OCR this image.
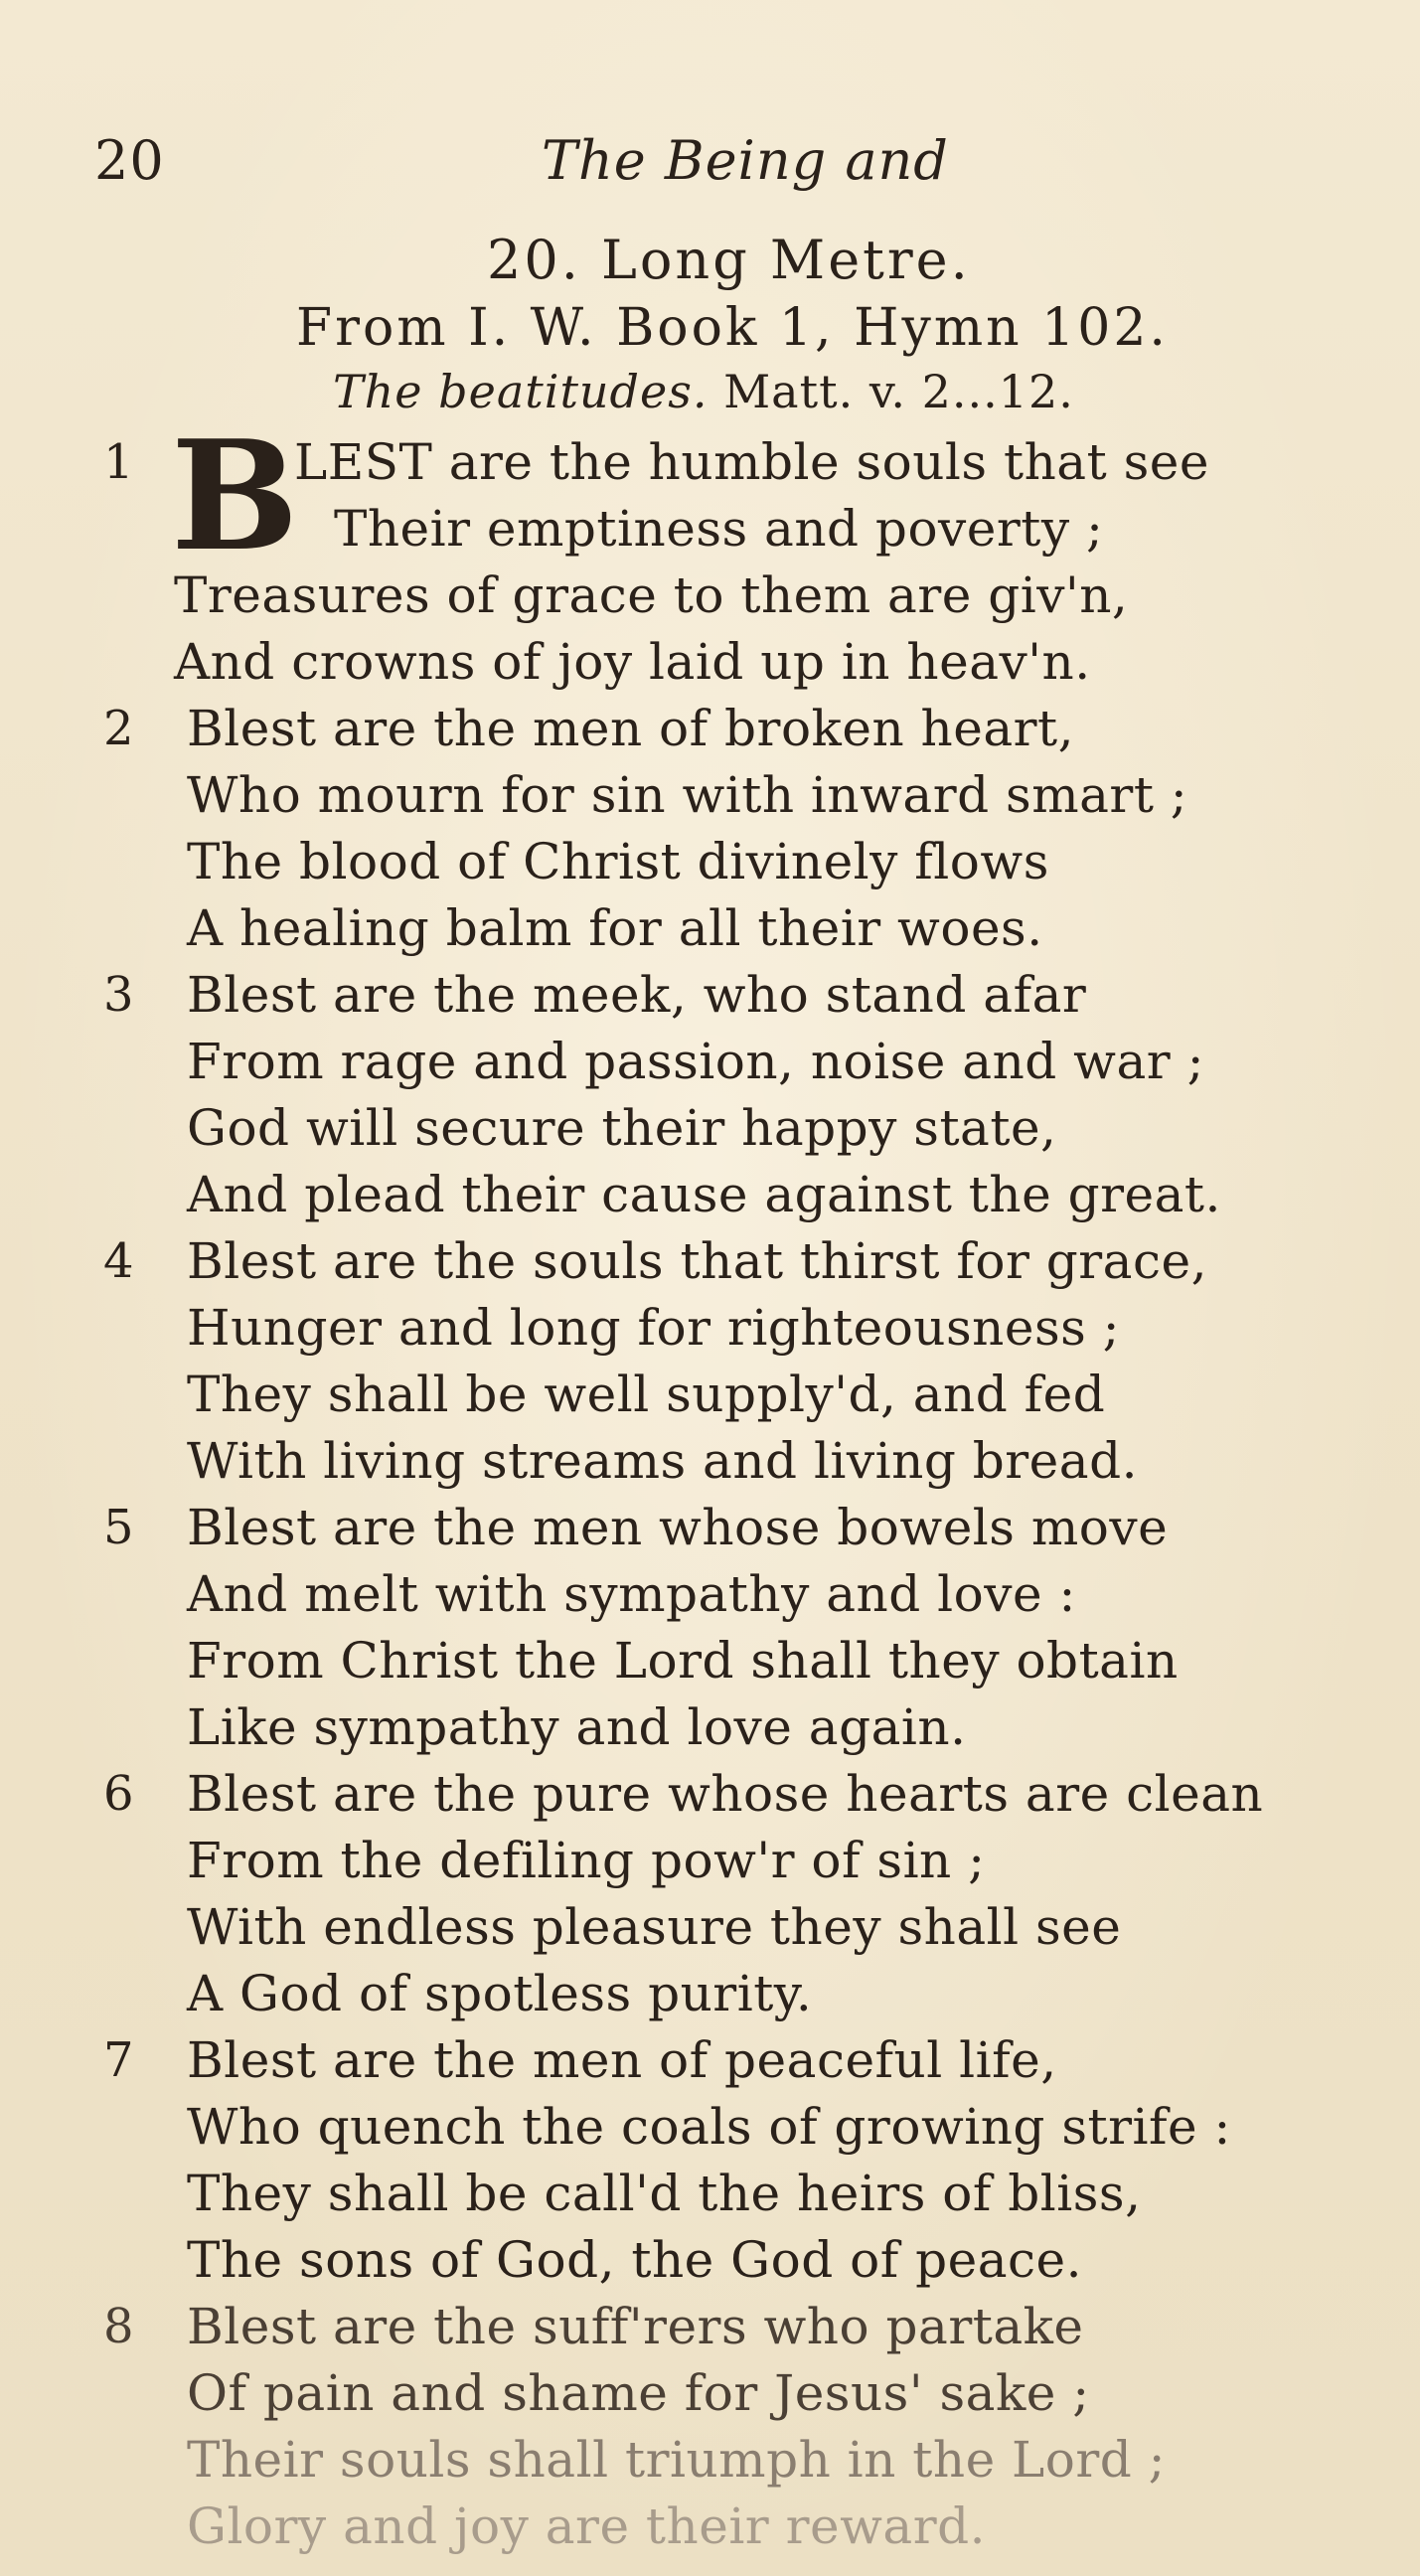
20	The Being and
20. Long Metre.
From I. W. Book 1, Hymn 102.
The beatitudes. Matt. v. 2...12.
1 B
LEST are the humble souls that see
Their emptiness and poverty ;
Treasures of grace to them are giv'n,
And crowns of joy laid up in heav'n.
2 Blest are the men of broken heart,
Who mourn for sin with inward smart ;
The blood of Christ divinely flows
A healing balm for all their woes.
3 Blest are the meek, who stand afar
From rage and passion, noise and war ;
God will secure their happy state,
And plead their cause against the great.
4 Blest are the souls that thirst for grace,
Hunger and long for righteousness ;
They shall be well supply'd, and fed
With living streams and living bread.
5 Blest are the men whose bowels move
And melt with sympathy and love :
From Christ the Lord shall they obtain
Like sympathy and love again.
6 Blest are the pure whose hearts are clean
From the defiling pow'r of sin ;
With endless pleasure they shall see
A God of spotless purity.
7 Blest are the men of peaceful life,
Who quench the coals of growing strife :
They shall be call'd the heirs of bliss,
The sons of God, the God of peace.
8 Blest are the suff'rers who partake
Of pain and shame for Jesus' sake ;
Their souls shall triumph in the Lord ;
Glory and joy are their reward.
